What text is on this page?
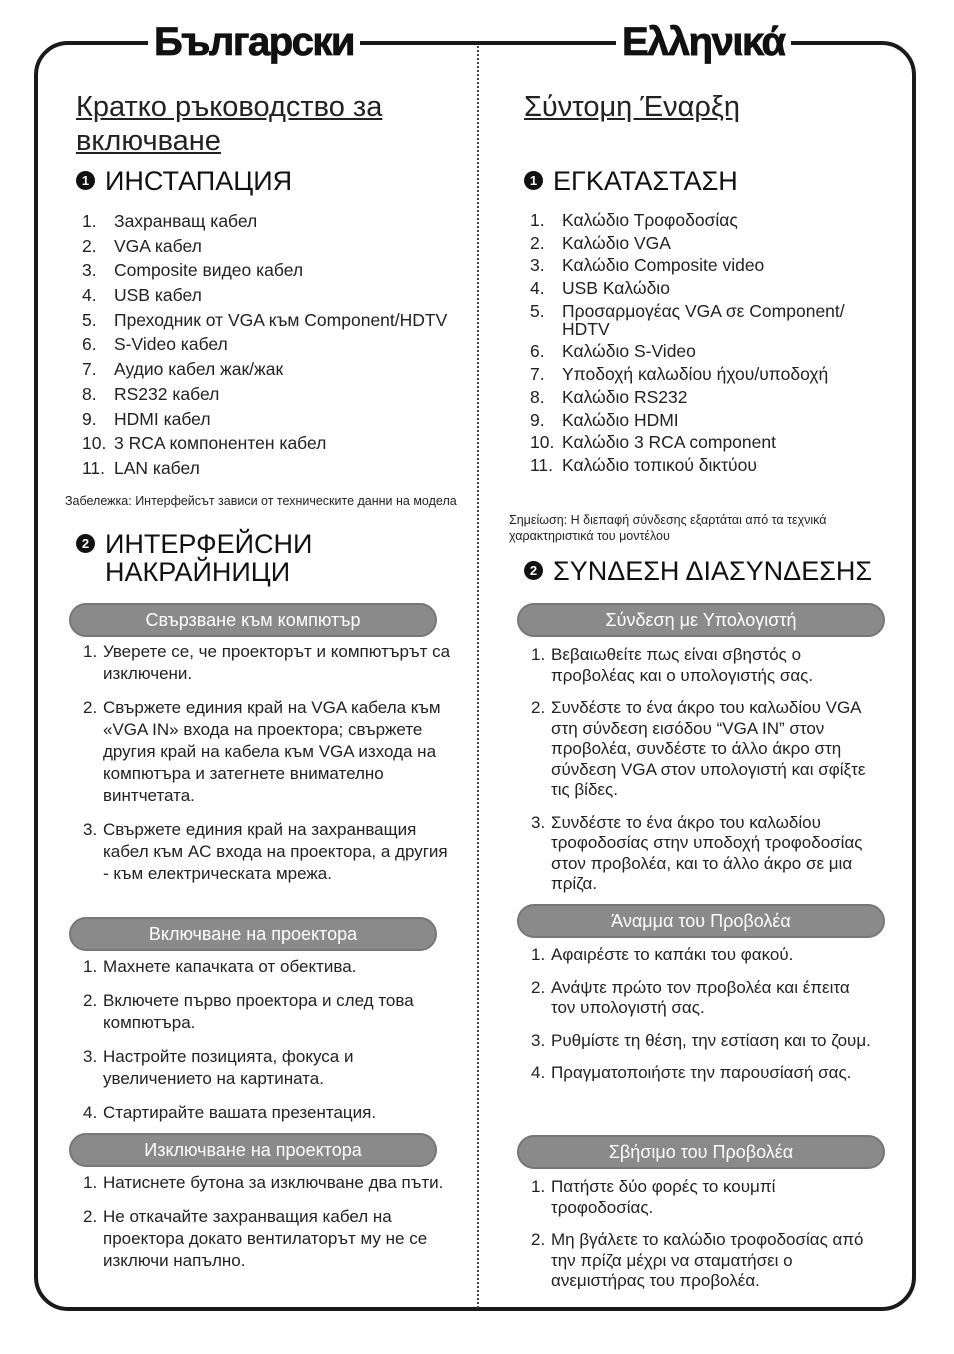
Български
Кратко ръководство за включване
1 ИНСТАПАЦИЯ
1. Захранващ кабел
2. VGA кабел
3. Composite видео кабел
4. USB кабел
5. Преходник от VGA към Component/HDTV
6. S-Video кабел
7. Аудио кабел жак/жак
8. RS232 кабел
9. HDMI кабел
10. 3 RCA компонентен кабел
11. LAN кабел
Забележка: Интерфейсът зависи от техническите данни на модела
2 ИНТЕРФЕЙСНИ НАКРАЙНИЦИ
Свързване към компютър
1. Уверете се, че проекторът и компютърът са изключени.
2. Свържете единия край на VGA кабела към «VGA IN» входа на проектора; свържете другия край на кабела към VGA изхода на компютъра и затегнете внимателно винтчетата.
3. Свържете единия край на захранващия кабел към AC входа на проектора, а другия - към електрическата мрежа.
Включване на проектора
1. Махнете капачката от обектива.
2. Включете първо проектора и след това компютъра.
3. Настройте позицията, фокуса и увеличението на картината.
4. Стартирайте вашата презентация.
Изключване на проектора
1. Натиснете бутона за изключване два пъти.
2. Не откачайте захранващия кабел на проектора докато вентилаторът му не се изключи напълно.
Ελληνικά
Σύντομη Έναρξη
1 ΕΓΚΑΤΑΣΤΑΣΗ
1. Καλώδιο Τροφοδοσίας
2. Καλώδιο VGA
3. Καλώδιο Composite video
4. USB Καλώδιο
5. Προσαρμογέας VGA σε Component/ HDTV
6. Καλώδιο S-Video
7. Υποδοχή καλωδίου ήχου/υποδοχή
8. Καλώδιο RS232
9. Καλώδιο HDMI
10. Καλώδιο 3 RCA component
11. Καλώδιο τοπικού δικτύου
Σημείωση: Η διεπαφή σύνδεσης εξαρτάται από τα τεχνικά χαρακτηριστικά του μοντέλου
2 ΣΥΝΔΕΣΗ ΔΙΑΣΥΝΔΕΣΗΣ
Σύνδεση με Υπολογιστή
1. Βεβαιωθείτε πως είναι σβηστός ο προβολέας και ο υπολογιστής σας.
2. Συνδέστε το ένα άκρο του καλωδίου VGA στη σύνδεση εισόδου “VGA IN” στον προβολέα, συνδέστε το άλλο άκρο στη σύνδεση VGA στον υπολογιστή και σφίξτε τις βίδες.
3. Συνδέστε το ένα άκρο του καλωδίου τροφοδοσίας στην υποδοχή τροφοδοσίας στον προβολέα, και το άλλο άκρο σε μια πρίζα.
Άναμμα του Προβολέα
1. Αφαιρέστε το καπάκι του φακού.
2. Ανάψτε πρώτο τον προβολέα και έπειτα τον υπολογιστή σας.
3. Ρυθμίστε τη θέση, την εστίαση και το ζουμ.
4. Πραγματοποιήστε την παρουσίασή σας.
Σβήσιμο του Προβολέα
1. Πατήστε δύο φορές το κουμπί τροφοδοσίας.
2. Μη βγάλετε το καλώδιο τροφοδοσίας από την πρίζα μέχρι να σταματήσει ο ανεμιστήρας του προβολέα.
